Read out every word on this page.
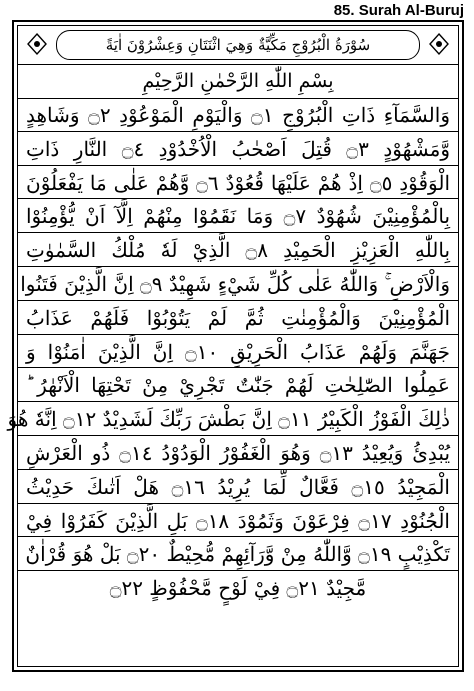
85. Surah Al-Buruj
سُوْرَةُ الْبُرُوْجِ مَكِّيَّةٌ وَهِيَ اثْنَتَانِ وَعِشْرُوْنَ اٰيَةً
بِسْمِ اللّٰهِ الرَّحْمٰنِ الرَّحِيْمِ
وَالسَّمَآءِ ذَاتِ الْبُرُوْجِ ۝١ وَالْيَوْمِ الْمَوْعُوْدِ ۝٢ وَشَاهِدٍ
وَّمَشْهُوْدٍ ۝٣ قُتِلَ اَصْحٰبُ الْاُخْدُوْدِ ۝٤ النَّارِ ذَاتِ
الْوَقُوْدِ ۝٥ اِذْ هُمْ عَلَيْهَا قُعُوْدٌ ۝٦ وَّهُمْ عَلٰى مَا يَفْعَلُوْنَ
بِالْمُؤْمِنِيْنَ شُهُوْدٌ ۝٧ وَمَا نَقَمُوْا مِنْهُمْ اِلَّآ اَنْ يُّؤْمِنُوْا
بِاللّٰهِ الْعَزِيْزِ الْحَمِيْدِ ۝٨ الَّذِيْ لَهٗ مُلْكُ السَّمٰوٰتِ
وَالْاَرْضِ ۚ وَاللّٰهُ عَلٰى كُلِّ شَيْءٍ شَهِيْدٌ ۝٩ اِنَّ الَّذِيْنَ فَتَنُوا
الْمُؤْمِنِيْنَ وَالْمُؤْمِنٰتِ ثُمَّ لَمْ يَتُوْبُوْا فَلَهُمْ عَذَابُ
جَهَنَّمَ وَلَهُمْ عَذَابُ الْحَرِيْقِ ۝١٠ اِنَّ الَّذِيْنَ اٰمَنُوْا وَ
عَمِلُوا الصّٰلِحٰتِ لَهُمْ جَنّٰتٌ تَجْرِيْ مِنْ تَحْتِهَا الْاَنْهٰرُ ؕ
ذٰلِكَ الْفَوْزُ الْكَبِيْرُ ۝١١ اِنَّ بَطْشَ رَبِّكَ لَشَدِيْدٌ ۝١٢ اِنَّهٗ هُوَ
يُبْدِئُ وَيُعِيْدُ ۝١٣ وَهُوَ الْغَفُوْرُ الْوَدُوْدُ ۝١٤ ذُو الْعَرْشِ
الْمَجِيْدُ ۝١٥ فَعَّالٌ لِّمَا يُرِيْدُ ۝١٦ هَلْ اَتٰىكَ حَدِيْثُ
الْجُنُوْدِ ۝١٧ فِرْعَوْنَ وَثَمُوْدَ ۝١٨ بَلِ الَّذِيْنَ كَفَرُوْا فِيْ
تَكْذِيْبٍ ۝١٩ وَّاللّٰهُ مِنْ وَّرَآئِهِمْ مُّحِيْطٌ ۝٢٠ بَلْ هُوَ قُرْاٰنٌ
مَّجِيْدٌ ۝٢١ فِيْ لَوْحٍ مَّحْفُوْظٍ ۝٢٢
